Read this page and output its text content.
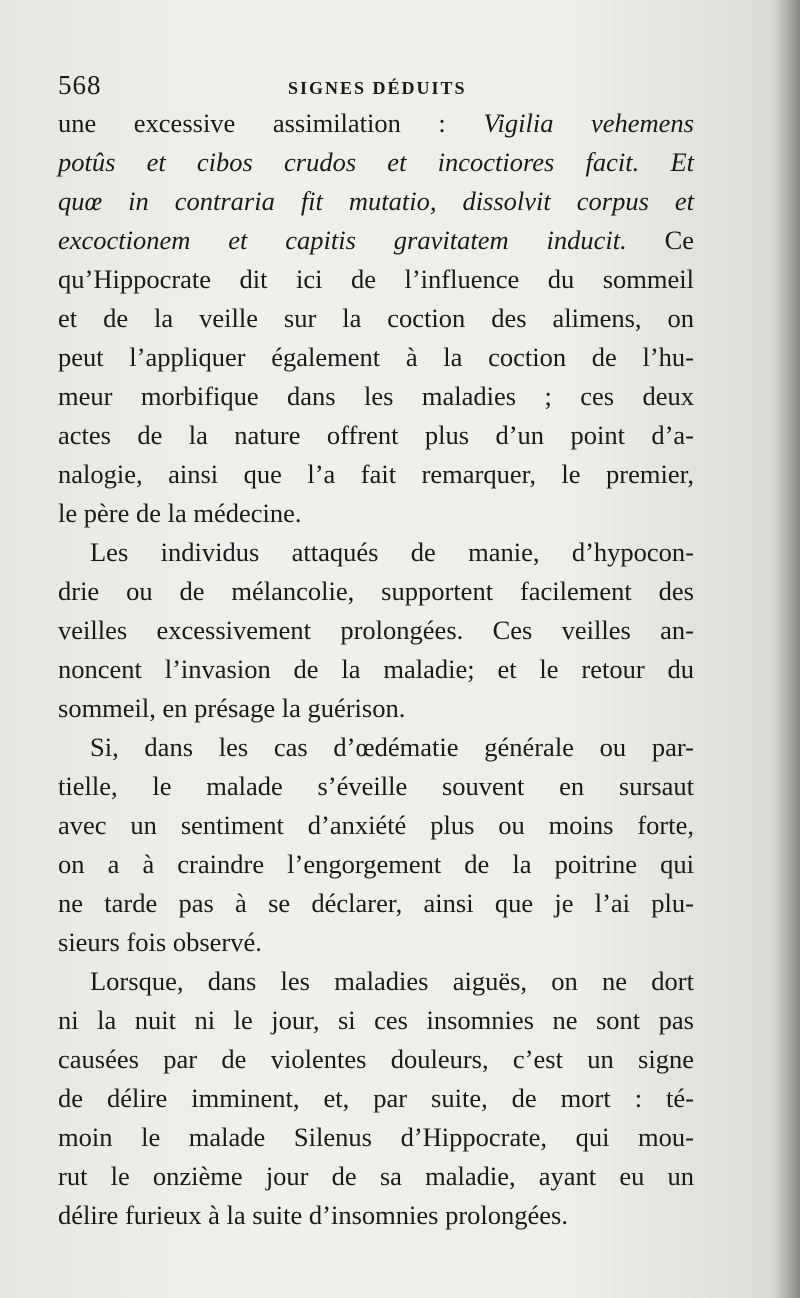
568	SIGNES DÉDUITS
une excessive assimilation : Vigilia vehemens
potûs et cibos crudos et incoctiores facit. Et
quœ in contraria fit mutatio, dissolvit corpus et
excoctionem et capitis gravitatem inducit. Ce
qu’Hippocrate dit ici de l’influence du sommeil
et de la veille sur la coction des alimens, on
peut l’appliquer également à la coction de l’hu-
meur morbifique dans les maladies ; ces deux
actes de la nature offrent plus d’un point d’a-
nalogie, ainsi que l’a fait remarquer, le premier,
le père de la médecine.
Les individus attaqués de manie, d’hypocon-
drie ou de mélancolie, supportent facilement des
veilles excessivement prolongées. Ces veilles an-
noncent l’invasion de la maladie; et le retour du
sommeil, en présage la guérison.
Si, dans les cas d’œdématie générale ou par-
tielle, le malade s’éveille souvent en sursaut
avec un sentiment d’anxiété plus ou moins forte,
on a à craindre l’engorgement de la poitrine qui
ne tarde pas à se déclarer, ainsi que je l’ai plu-
sieurs fois observé.
Lorsque, dans les maladies aiguës, on ne dort
ni la nuit ni le jour, si ces insomnies ne sont pas
causées par de violentes douleurs, c’est un signe
de délire imminent, et, par suite, de mort : té-
moin le malade Silenus d’Hippocrate, qui mou-
rut le onzième jour de sa maladie, ayant eu un
délire furieux à la suite d’insomnies prolongées.
